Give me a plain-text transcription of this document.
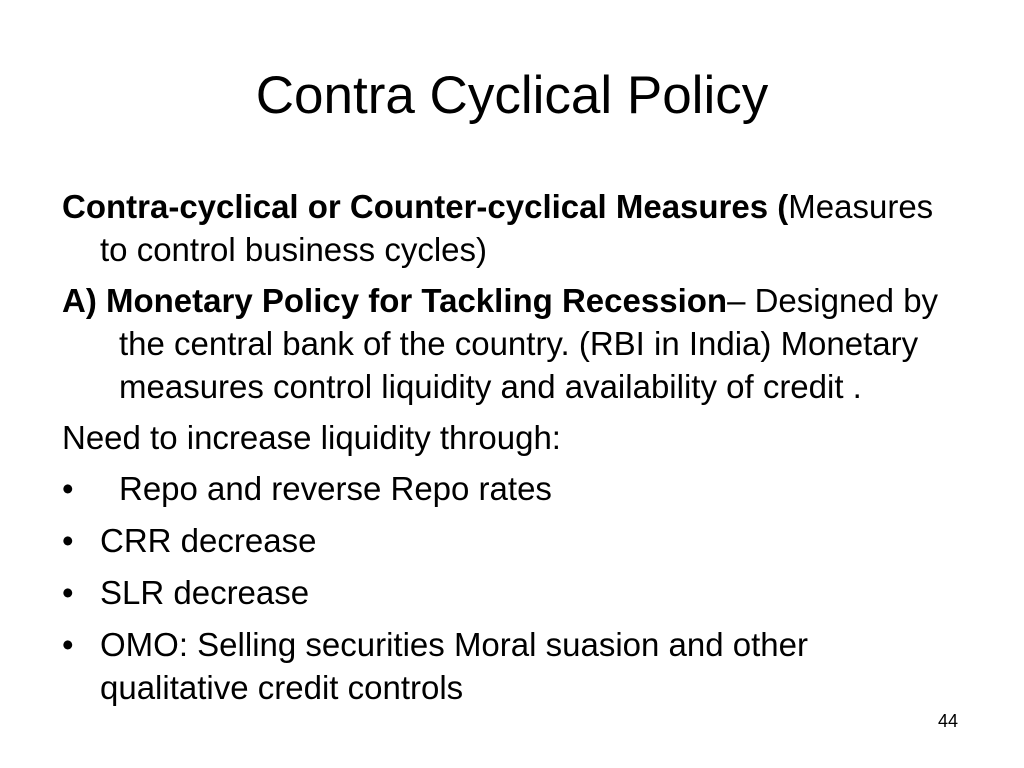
Contra Cyclical Policy

Contra-cyclical or Counter-cyclical Measures (Measures to control business cycles)

A) Monetary Policy for Tackling Recession– Designed by the central bank of the country. (RBI in India) Monetary measures control liquidity and availability of credit .

Need to increase liquidity through:

•	Repo and reverse Repo rates
• CRR decrease
• SLR decrease
• OMO: Selling securities Moral suasion and other qualitative credit controls
44
